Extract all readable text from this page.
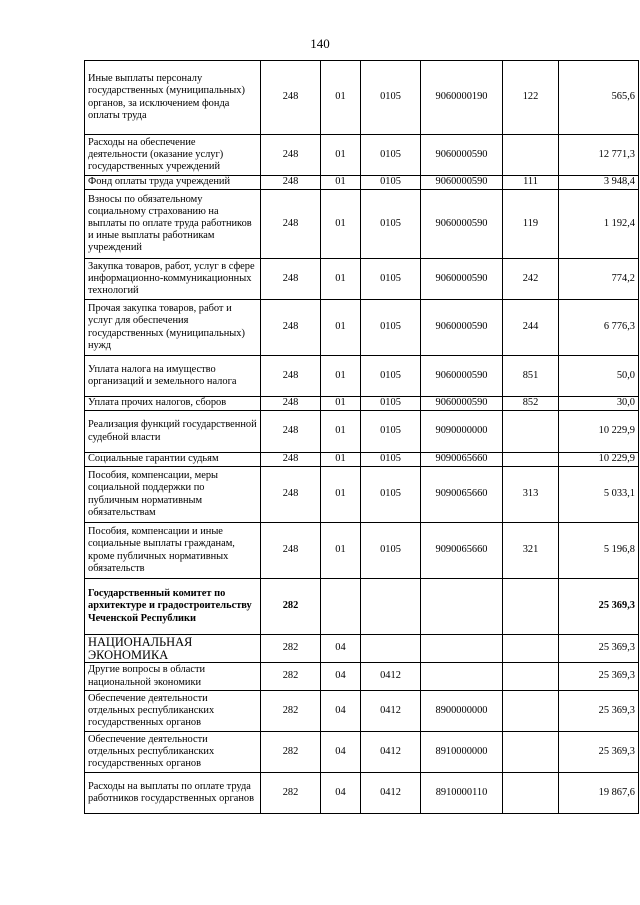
140
Иные выплаты персоналу государственных (муниципальных) органов, за исключением фонда оплаты труда	248	01	0105	9060000190	122	565,6
Расходы на обеспечение деятельности (оказание услуг) государственных учреждений	248	01	0105	9060000590		12 771,3
Фонд оплаты труда учреждений	248	01	0105	9060000590	111	3 948,4
Взносы по обязательному социальному страхованию на выплаты по оплате труда работников и иные выплаты работникам учреждений	248	01	0105	9060000590	119	1 192,4
Закупка товаров, работ, услуг в сфере информационно-коммуникационных технологий	248	01	0105	9060000590	242	774,2
Прочая закупка товаров, работ и услуг для обеспечения государственных (муниципальных) нужд	248	01	0105	9060000590	244	6 776,3
Уплата налога на имущество организаций и земельного налога	248	01	0105	9060000590	851	50,0
Уплата прочих налогов, сборов	248	01	0105	9060000590	852	30,0
Реализация функций государственной судебной власти	248	01	0105	9090000000		10 229,9
Социальные гарантии судьям	248	01	0105	9090065660		10 229,9
Пособия, компенсации, меры социальной поддержки по публичным нормативным обязательствам	248	01	0105	9090065660	313	5 033,1
Пособия, компенсации и иные социальные выплаты гражданам, кроме публичных нормативных обязательств	248	01	0105	9090065660	321	5 196,8
Государственный комитет по архитектуре и градостроительству Чеченской Республики	282					25 369,3
НАЦИОНАЛЬНАЯ ЭКОНОМИКА	282	04				25 369,3
Другие вопросы в области национальной экономики	282	04	0412			25 369,3
Обеспечение деятельности отдельных республиканских государственных органов	282	04	0412	8900000000		25 369,3
Обеспечение деятельности отдельных республиканских государственных органов	282	04	0412	8910000000		25 369,3
Расходы на выплаты по оплате труда работников государственных органов	282	04	0412	8910000110		19 867,6
